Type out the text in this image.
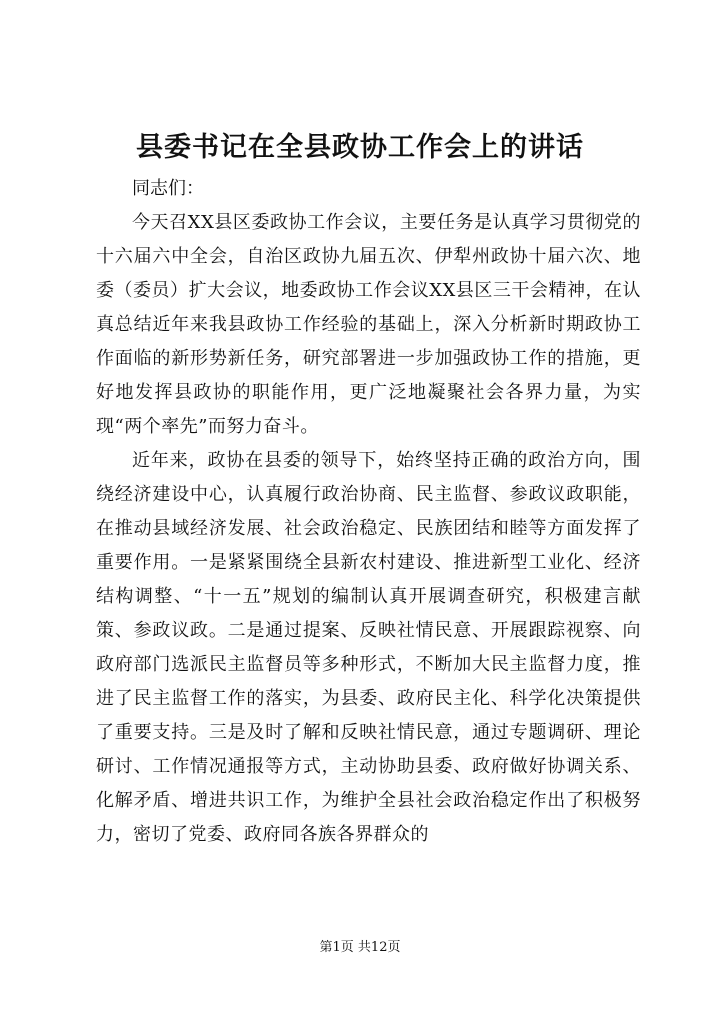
县委书记在全县政协工作会上的讲话

同志们：

今天召XX县区委政协工作会议，主要任务是认真学习贯彻党的十六届六中全会，自治区政协九届五次、伊犁州政协十届六次、地委（委员）扩大会议，地委政协工作会议XX县区三干会精神，在认真总结近年来我县政协工作经验的基础上，深入分析新时期政协工作面临的新形势新任务，研究部署进一步加强政协工作的措施，更好地发挥县政协的职能作用，更广泛地凝聚社会各界力量，为实现“两个率先”而努力奋斗。

近年来，政协在县委的领导下，始终坚持正确的政治方向，围绕经济建设中心，认真履行政治协商、民主监督、参政议政职能，在推动县域经济发展、社会政治稳定、民族团结和睦等方面发挥了重要作用。一是紧紧围绕全县新农村建设、推进新型工业化、经济结构调整、“十一五”规划的编制认真开展调查研究，积极建言献策、参政议政。二是通过提案、反映社情民意、开展跟踪视察、向政府部门选派民主监督员等多种形式，不断加大民主监督力度，推进了民主监督工作的落实，为县委、政府民主化、科学化决策提供了重要支持。三是及时了解和反映社情民意，通过专题调研、理论研讨、工作情况通报等方式，主动协助县委、政府做好协调关系、化解矛盾、增进共识工作，为维护全县社会政治稳定作出了积极努力，密切了党委、政府同各族各界群众的

第1页 共12页
